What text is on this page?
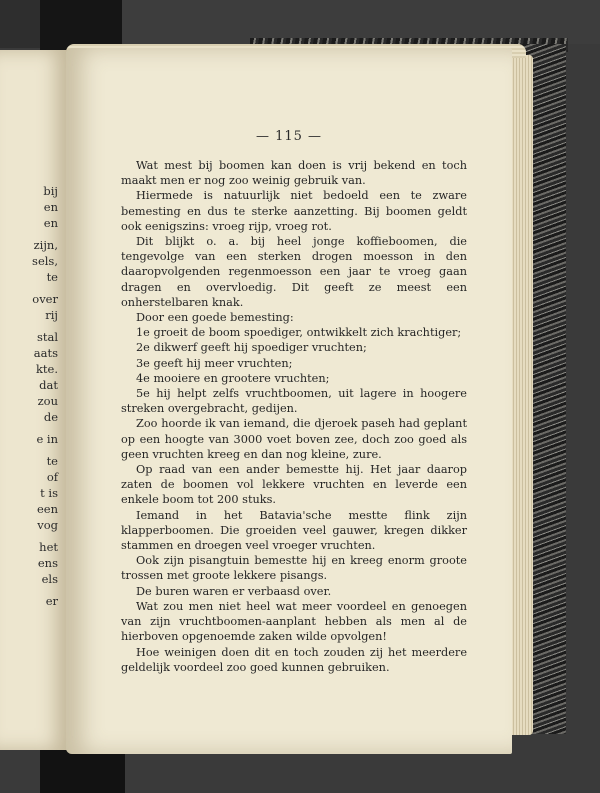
bij
en
en
zijn,
sels,
te
over
rij
stal
aats
kte.
dat
zou
de
e in
te
of
t is
een
vog
het
ens
els
er
— 115 —

Wat mest bij boomen kan doen is vrij bekend en toch maakt men er nog zoo weinig gebruik van.

Hiermede is natuurlijk niet bedoeld een te zware bemesting en dus te sterke aanzetting. Bij boomen geldt ook eenigszins: vroeg rijp, vroeg rot.

Dit blijkt o. a. bij heel jonge koffieboomen, die tengevolge van een sterken drogen moesson in den daaropvolgenden regenmoesson een jaar te vroeg gaan dragen en overvloedig. Dit geeft ze meest een onherstelbaren knak.

Door een goede bemesting:

1e groeit de boom spoediger, ontwikkelt zich krachtiger;

2e dikwerf geeft hij spoediger vruchten;

3e geeft hij meer vruchten;

4e mooiere en grootere vruchten;

5e hij helpt zelfs vruchtboomen, uit lagere in hoogere streken overgebracht, gedijen.

Zoo hoorde ik van iemand, die djeroek paseh had geplant op een hoogte van 3000 voet boven zee, doch zoo goed als geen vruchten kreeg en dan nog kleine, zure.

Op raad van een ander bemestte hij. Het jaar daarop zaten de boomen vol lekkere vruchten en leverde een enkele boom tot 200 stuks.

Iemand in het Batavia'sche mestte flink zijn klapperboomen. Die groeiden veel gauwer, kregen dikker stammen en droegen veel vroeger vruchten.

Ook zijn pisangtuin bemestte hij en kreeg enorm groote trossen met groote lekkere pisangs.

De buren waren er verbaasd over.

Wat zou men niet heel wat meer voordeel en genoegen van zijn vruchtboomen-aanplant hebben als men al de hierboven opgenoemde zaken wilde opvolgen!

Hoe weinigen doen dit en toch zouden zij het meerdere geldelijk voordeel zoo goed kunnen gebruiken.
